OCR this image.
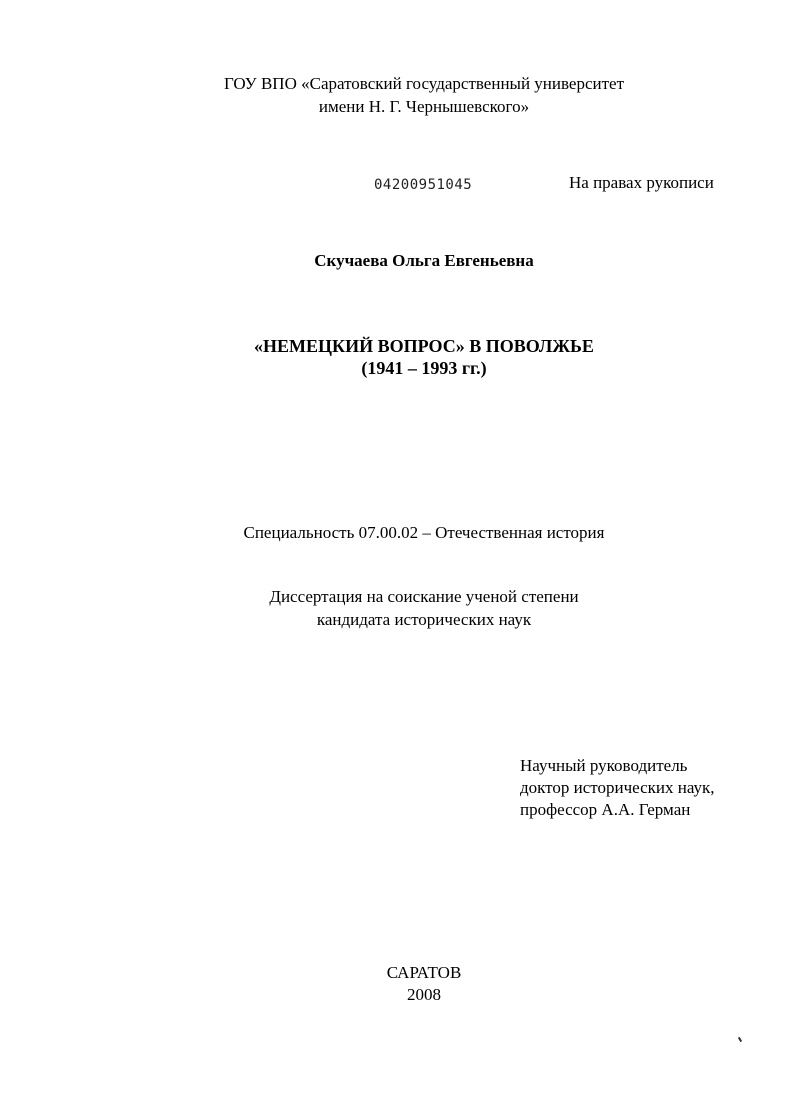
ГОУ ВПО «Саратовский государственный университет
имени Н. Г. Чернышевского»
04200951045	На правах рукописи
Скучаева Ольга Евгеньевна
«НЕМЕЦКИЙ ВОПРОС» В ПОВОЛЖЬЕ
(1941 – 1993 гг.)
Специальность 07.00.02 – Отечественная история
Диссертация на соискание ученой степени
кандидата исторических наук
Научный руководитель
доктор исторических наук,
профессор А.А. Герман
САРАТОВ
2008
